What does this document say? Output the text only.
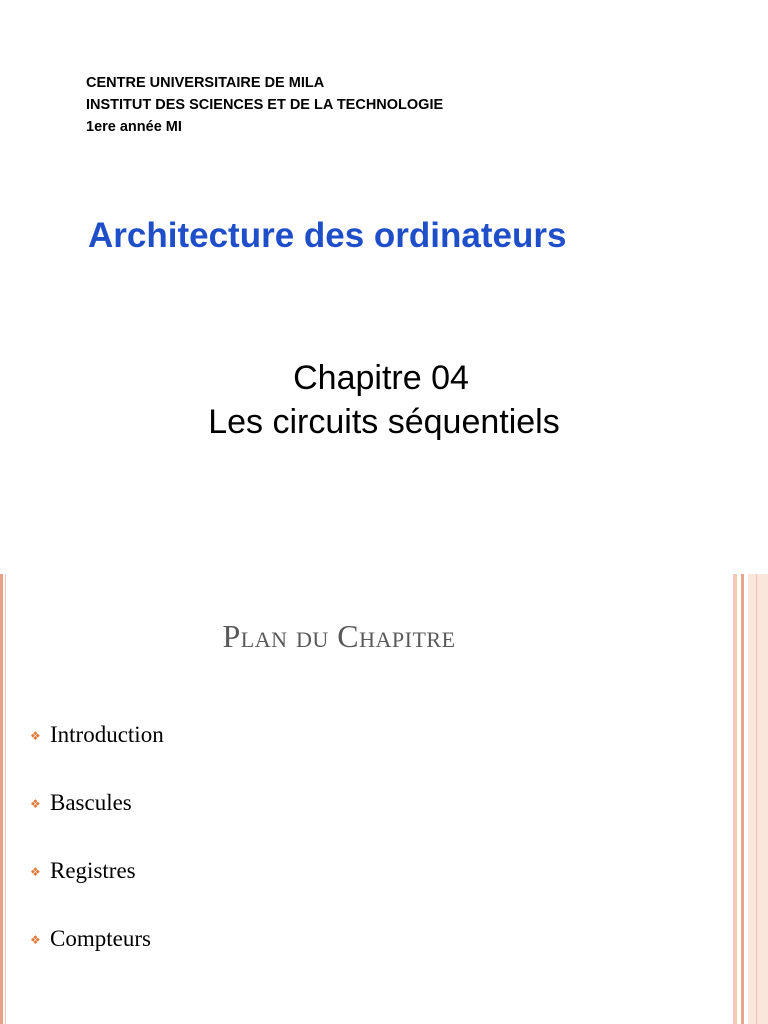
CENTRE UNIVERSITAIRE DE MILA
INSTITUT DES SCIENCES ET DE LA TECHNOLOGIE
1ere année MI
Architecture des ordinateurs
Chapitre 04
Les circuits séquentiels
Plan du Chapitre
❖ Introduction
❖ Bascules
❖ Registres
❖ Compteurs
